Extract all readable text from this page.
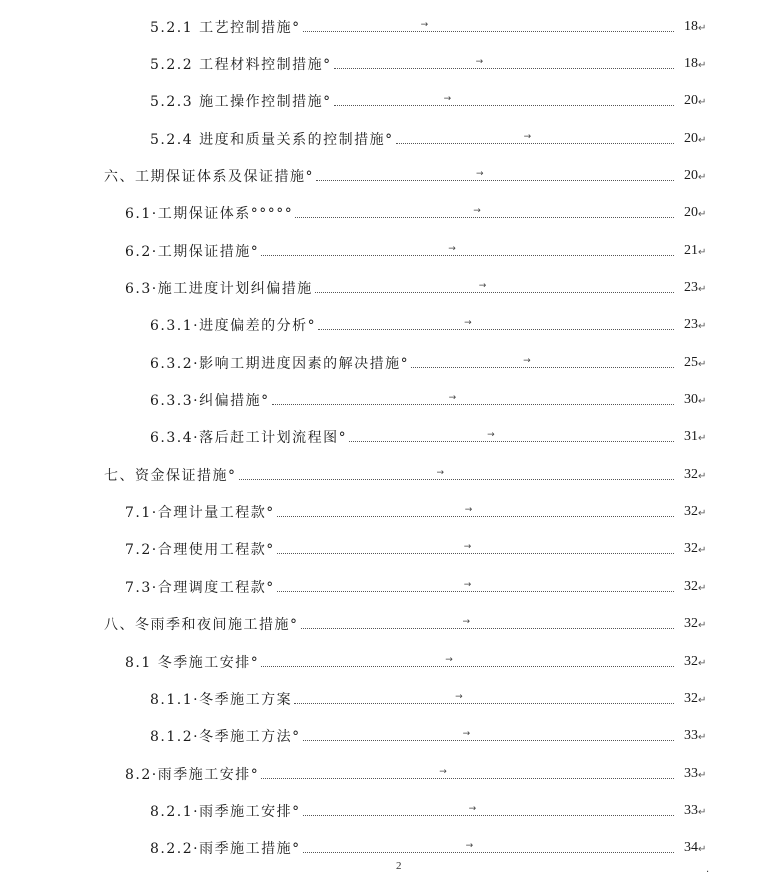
5.2.1 工艺控制措施°	→	18 ↵
5.2.2 工程材料控制措施°	→	18 ↵
5.2.3 施工操作控制措施°	→	20 ↵
5.2.4 进度和质量关系的控制措施°	→	20 ↵
六、工期保证体系及保证措施°	→	20 ↵
6.1·工期保证体系°°°°°	→	20 ↵
6.2·工期保证措施°	→	21 ↵
6.3·施工进度计划纠偏措施	→	23 ↵
6.3.1·进度偏差的分析°	→	23 ↵
6.3.2·影响工期进度因素的解决措施°	→	25 ↵
6.3.3·纠偏措施°	→	30 ↵
6.3.4·落后赶工计划流程图°	→	31 ↵
七、资金保证措施°	→	32 ↵
7.1·合理计量工程款°	→	32 ↵
7.2·合理使用工程款°	→	32 ↵
7.3·合理调度工程款°	→	32 ↵
八、冬雨季和夜间施工措施°	→	32 ↵
8.1 冬季施工安排°	→	32 ↵
8.1.1·冬季施工方案	→	32 ↵
8.1.2·冬季施工方法°	→	33 ↵
8.2·雨季施工安排°	→	33 ↵
8.2.1·雨季施工安排°	→	33 ↵
8.2.2·雨季施工措施°	→	34 ↵
2	.
